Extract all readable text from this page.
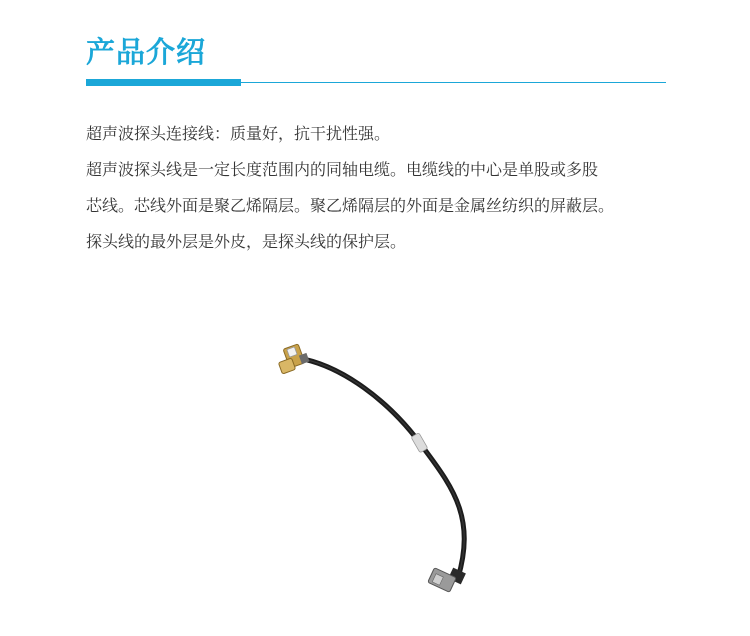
产品介绍

超声波探头连接线：质量好，抗干扰性强。

超声波探头线是一定长度范围内的同轴电缆。电缆线的中心是单股或多股

芯线。芯线外面是聚乙烯隔层。聚乙烯隔层的外面是金属丝纺织的屏蔽层。

探头线的最外层是外皮，是探头线的保护层。
